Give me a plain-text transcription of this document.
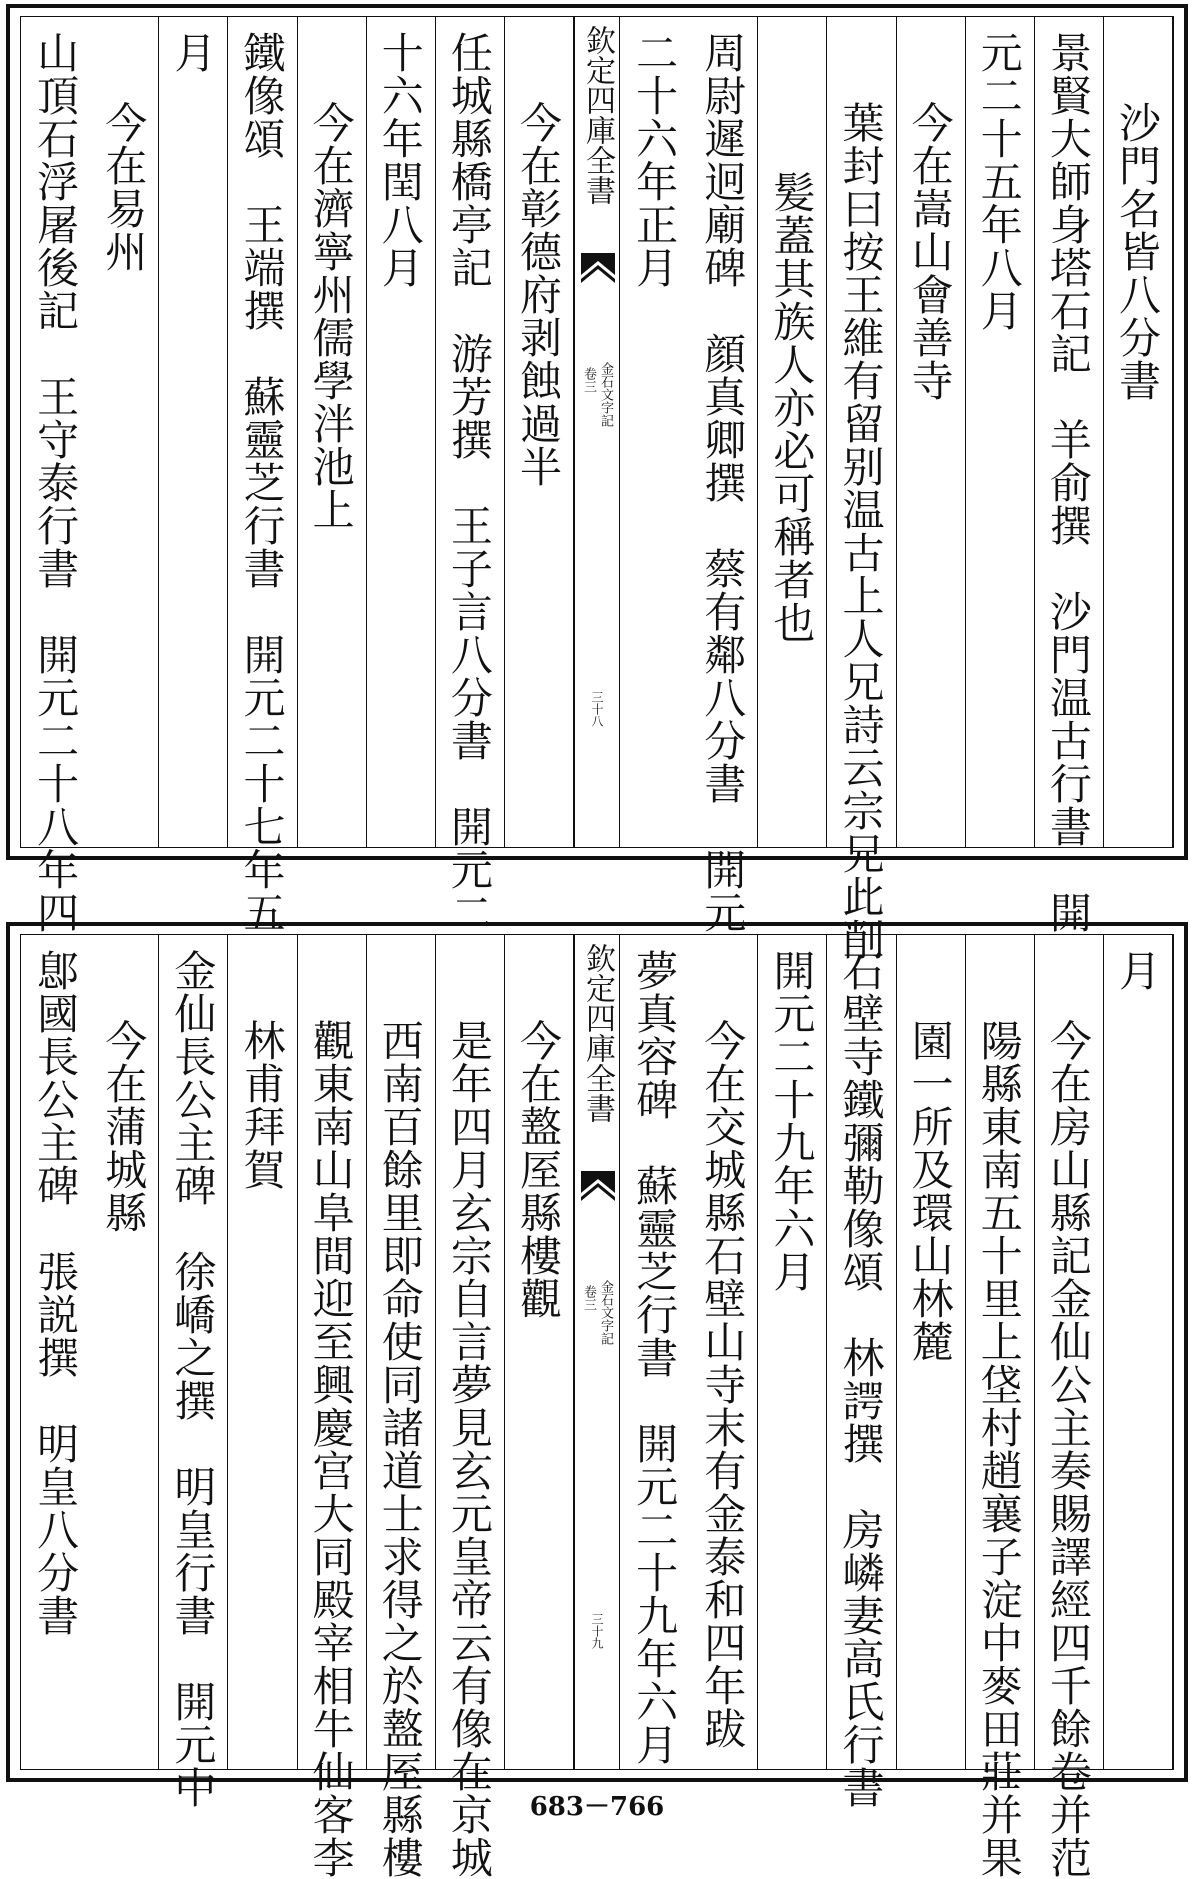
沙門名皆八分書
景賢大師身塔石記　羊俞撰　沙門温古行書　開
元二十五年八月
今在嵩山會善寺
葉封曰按王維有留别温古上人兄詩云宗兄此削
髪蓋其族人亦必可稱者也
周尉遲迥廟碑　顔真卿撰　蔡有鄰八分書　開元
二十六年正月
欽定四庫全書
金石文字記
卷三
三十八
今在彰德府剥蝕過半
任城縣橋亭記　游芳撰　王子言八分書　開元二
十六年閏八月
今在濟寧州儒學泮池上
鐵像頌　王端撰　蘇靈芝行書　開元二十七年五
月
今在易州
山頂石浮屠後記　王守泰行書　開元二十八年四
月
今在房山縣記金仙公主奏賜譯經四千餘卷并范
陽縣東南五十里上垡村趙襄子淀中麥田莊并果
園一所及環山林麓
石壁寺鐵彌勒像頌　林諤撰　房嶙妻高氏行書
開元二十九年六月
今在交城縣石壁山寺末有金泰和四年跋
夢真容碑　蘇靈芝行書　開元二十九年六月
欽定四庫全書
金石文字記
卷三
三十九
今在盩厔縣樓觀
是年四月玄宗自言夢見玄元皇帝云有像在京城
西南百餘里即命使同諸道士求得之於盩厔縣樓
觀東南山阜間迎至興慶宫大同殿宰相牛仙客李
林甫拜賀
金仙長公主碑　徐嶠之撰　明皇行書　開元中
今在蒲城縣
鄎國長公主碑　張説撰　明皇八分書
683－766
